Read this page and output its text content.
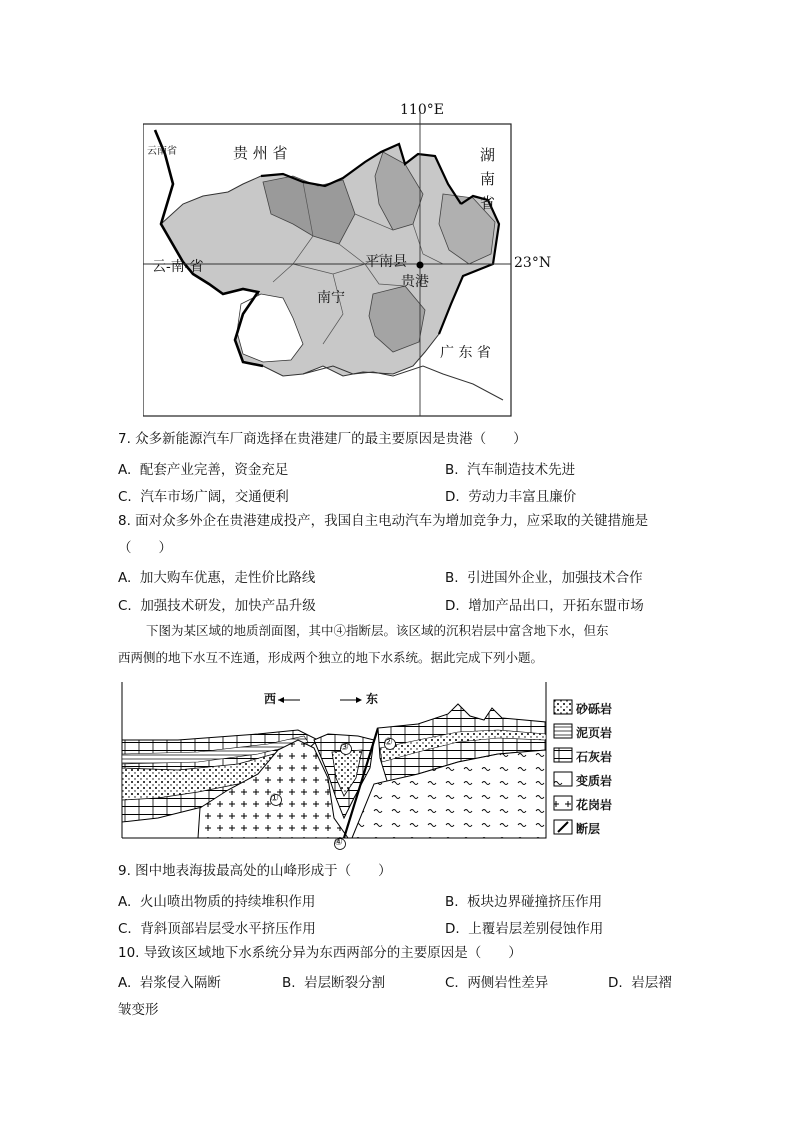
110°E
云南省	贵 州 省	湖
南
省
云-南-省	平南县
贵港
南宁
广 东 省
23°N
7. 众多新能源汽车厂商选择在贵港建厂的最主要原因是贵港（　　）
A. 配套产业完善，资金充足	B. 汽车制造技术先进
C. 汽车市场广阔，交通便利	D. 劳动力丰富且廉价
8. 面对众多外企在贵港建成投产，我国自主电动汽车为增加竞争力，应采取的关键措施是
（　　）
A. 加大购车优惠，走性价比路线	B. 引进国外企业，加强技术合作
C. 加强技术研发，加快产品升级	D. 增加产品出口，开拓东盟市场
下图为某区域的地质剖面图，其中④指断层。该区域的沉积岩层中富含地下水，但东
西两侧的地下水互不连通，形成两个独立的地下水系统。据此完成下列小题。
西	东
①
②
③
④
砂砾岩
泥页岩
石灰岩
变质岩
花岗岩
断层
9. 图中地表海拔最高处的山峰形成于（　　）
A. 火山喷出物质的持续堆积作用	B. 板块边界碰撞挤压作用
C. 背斜顶部岩层受水平挤压作用	D. 上覆岩层差别侵蚀作用
10. 导致该区域地下水系统分异为东西两部分的主要原因是（　　）
A. 岩浆侵入隔断	B. 岩层断裂分割	C. 两侧岩性差异	D. 岩层褶
皱变形
